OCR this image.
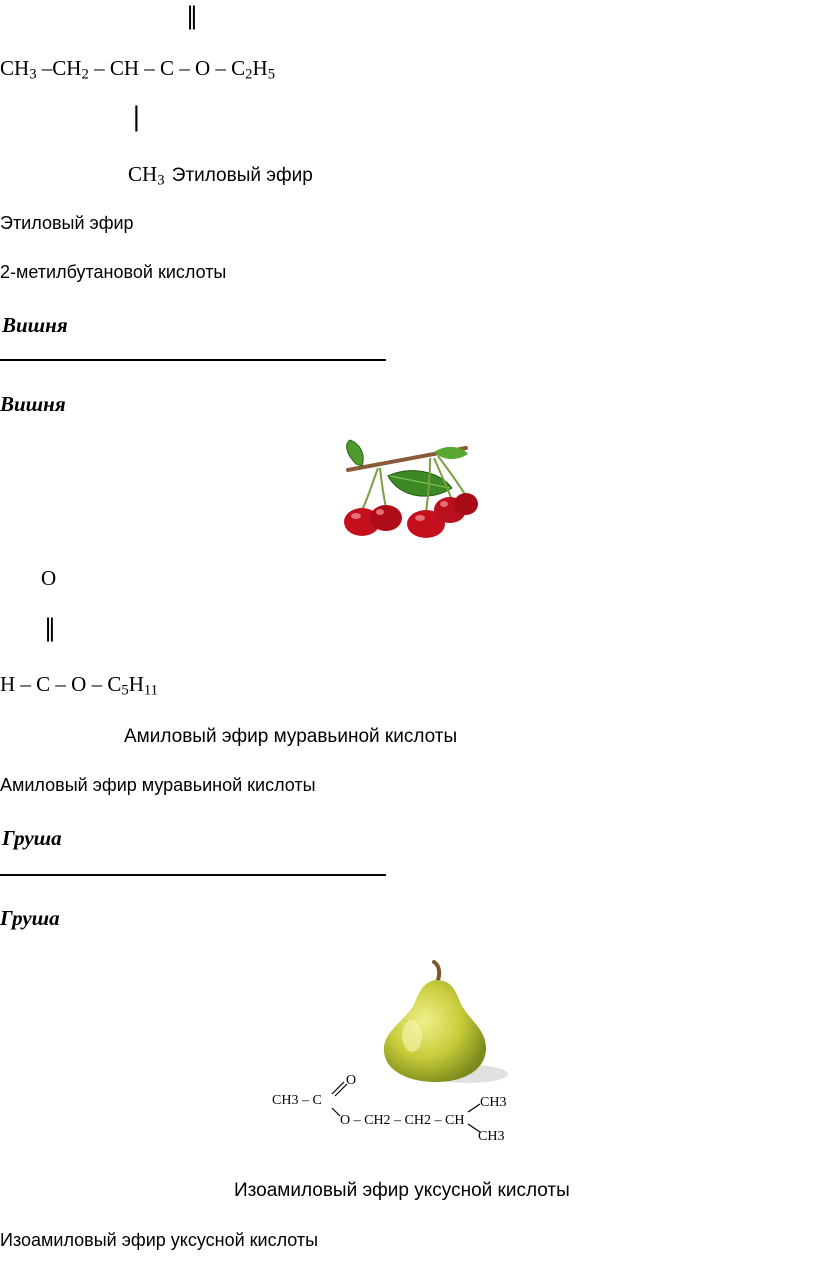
‖
$CH_3$ $-CH_2$ – CH – C – O – $C_2H_5$
|
$CH_3$ Этиловый эфир
Этиловый эфир
2-метилбутановой кислоты
Вишня
Вишня
O
‖
H – C – O – $C_5H_{11}$
Амиловый эфир муравьиной кислоты
Амиловый эфир муравьиной кислоты
Груша
Груша
CH3 – C
O
O – CH2 – CH2 – CH
CH3
CH3
Изоамиловый эфир уксусной кислоты
Изоамиловый эфир уксусной кислоты
